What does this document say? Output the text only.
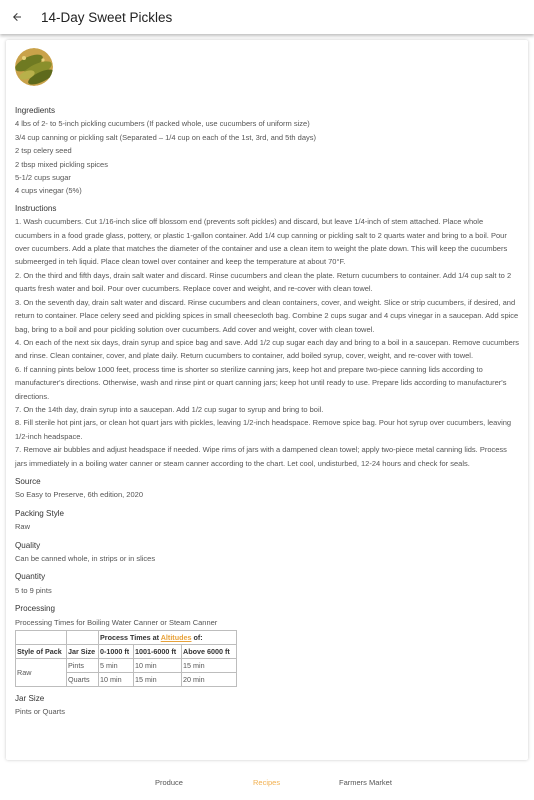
14-Day Sweet Pickles
Ingredients
4 lbs of 2- to 5-inch pickling cucumbers (If packed whole, use cucumbers of uniform size)
3/4 cup canning or pickling salt (Separated – 1/4 cup on each of the 1st, 3rd, and 5th days)
2 tsp celery seed
2 tbsp mixed pickling spices
5-1/2 cups sugar
4 cups vinegar (5%)
Instructions
1. Wash cucumbers. Cut 1/16-inch slice off blossom end (prevents soft pickles) and discard, but leave 1/4-inch of stem attached. Place whole cucumbers in a food grade glass, pottery, or plastic 1-gallon container. Add 1/4 cup canning or pickling salt to 2 quarts water and bring to a boil. Pour over cucumbers. Add a plate that matches the diameter of the container and use a clean item to weight the plate down. This will keep the cucumbers submeerged in teh liquid. Place clean towel over container and keep the temperature at about 70°F.
2. On the third and fifth days, drain salt water and discard. Rinse cucumbers and clean the plate. Return cucumbers to container. Add 1/4 cup salt to 2 quarts fresh water and boil. Pour over cucumbers. Replace cover and weight, and re-cover with clean towel.
3. On the seventh day, drain salt water and discard. Rinse cucumbers and clean containers, cover, and weight. Slice or strip cucumbers, if desired, and return to container. Place celery seed and pickling spices in small cheesecloth bag. Combine 2 cups sugar and 4 cups vinegar in a saucepan. Add spice bag, bring to a boil and pour pickling solution over cucumbers. Add cover and weight, cover with clean towel.
4. On each of the next six days, drain syrup and spice bag and save. Add 1/2 cup sugar each day and bring to a boil in a saucepan. Remove cucumbers and rinse. Clean container, cover, and plate daily. Return cucumbers to container, add boiled syrup, cover, weight, and re-cover with towel.
6. If canning pints below 1000 feet, process time is shorter so sterilize canning jars, keep hot and prepare two-piece canning lids according to manufacturer's directions. Otherwise, wash and rinse pint or quart canning jars; keep hot until ready to use. Prepare lids according to manufacturer's directions.
7. On the 14th day, drain syrup into a saucepan. Add 1/2 cup sugar to syrup and bring to boil.
8. Fill sterile hot pint jars, or clean hot quart jars with pickles, leaving 1/2-inch headspace. Remove spice bag. Pour hot syrup over cucumbers, leaving 1/2-inch headspace.
7. Remove air bubbles and adjust headspace if needed. Wipe rims of jars with a dampened clean towel; apply two-piece metal canning lids. Process jars immediately in a boiling water canner or steam canner according to the chart. Let cool, undisturbed, 12-24 hours and check for seals.
Source
So Easy to Preserve, 6th edition, 2020
Packing Style
Raw
Quality
Can be canned whole, in strips or in slices
Quantity
5 to 9 pints
Processing
Processing Times for Boiling Water Canner or Steam Canner
		Process Times at Altitudes of:		
Style of Pack	Jar Size	0-1000 ft	1001-6000 ft	Above 6000 ft
Raw	Pints	5 min	10 min	15 min
	Quarts	10 min	15 min	20 min
Jar Size
Pints or Quarts
Produce	Recipes	Farmers Market
